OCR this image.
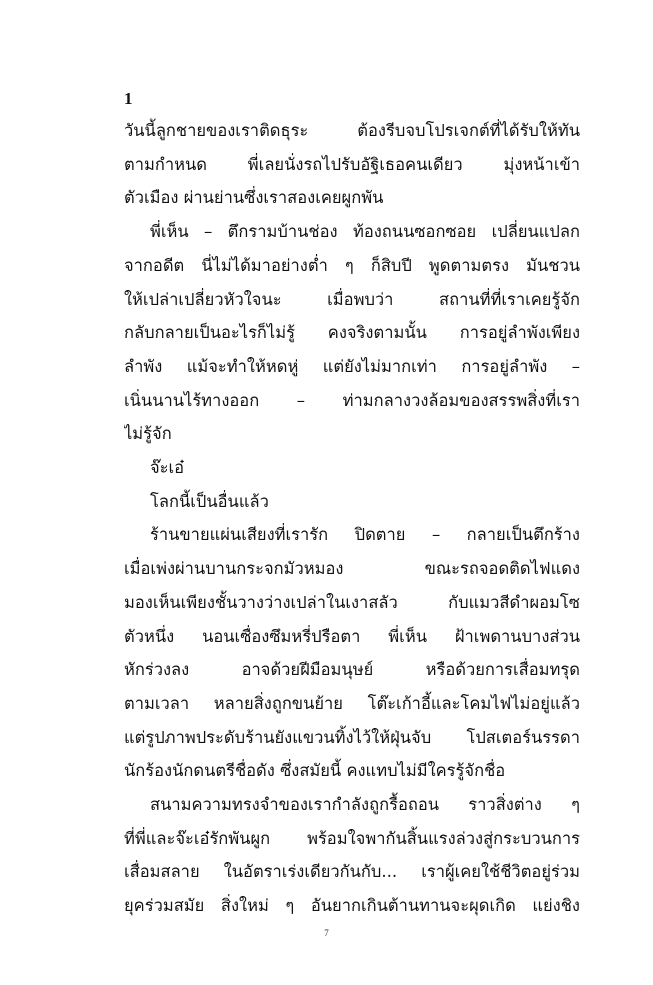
1
วันนี้ลูกชายของเราติดธุระ ต้องรีบจบโปรเจกต์ที่ได้รับให้ทัน
ตามกำหนด พี่เลยนั่งรถไปรับอัฐิเธอคนเดียว มุ่งหน้าเข้า
ตัวเมือง ผ่านย่านซึ่งเราสองเคยผูกพัน
พี่เห็น – ตึกรามบ้านช่อง ท้องถนนซอกซอย เปลี่ยนแปลก
จากอดีต นี่ไม่ได้มาอย่างต่ำ ๆ ก็สิบปี พูดตามตรง มันชวน
ให้เปล่าเปลี่ยวหัวใจนะ เมื่อพบว่า สถานที่ที่เราเคยรู้จัก
กลับกลายเป็นอะไรก็ไม่รู้ คงจริงตามนั้น การอยู่ลำพังเพียง
ลำพัง แม้จะทำให้หดหู่ แต่ยังไม่มากเท่า การอยู่ลำพัง –
เนิ่นนานไร้ทางออก – ท่ามกลางวงล้อมของสรรพสิ่งที่เรา
ไม่รู้จัก
จ๊ะเอ๋
โลกนี้เป็นอื่นแล้ว
ร้านขายแผ่นเสียงที่เรารัก ปิดตาย – กลายเป็นตึกร้าง
เมื่อเพ่งผ่านบานกระจกมัวหมอง ขณะรถจอดติดไฟแดง
มองเห็นเพียงชั้นวางว่างเปล่าในเงาสลัว กับแมวสีดำผอมโซ
ตัวหนึ่ง นอนเซื่องซึมหรี่ปรือตา พี่เห็น ฝ้าเพดานบางส่วน
หักร่วงลง อาจด้วยฝีมือมนุษย์ หรือด้วยการเสื่อมทรุด
ตามเวลา หลายสิ่งถูกขนย้าย โต๊ะเก้าอี้และโคมไฟไม่อยู่แล้ว
แต่รูปภาพประดับร้านยังแขวนทิ้งไว้ให้ฝุ่นจับ โปสเตอร์นรรดา
นักร้องนักดนตรีชื่อดัง ซึ่งสมัยนี้ คงแทบไม่มีใครรู้จักชื่อ
สนามความทรงจำของเรากำลังถูกรื้อถอน ราวสิ่งต่าง ๆ
ที่พี่และจ๊ะเอ๋รักพันผูก พร้อมใจพากันสิ้นแรงล่วงสู่กระบวนการ
เสื่อมสลาย ในอัตราเร่งเดียวกันกับ... เราผู้เคยใช้ชีวิตอยู่ร่วม
ยุคร่วมสมัย สิ่งใหม่ ๆ อันยากเกินต้านทานจะผุดเกิด แย่งชิง
7
